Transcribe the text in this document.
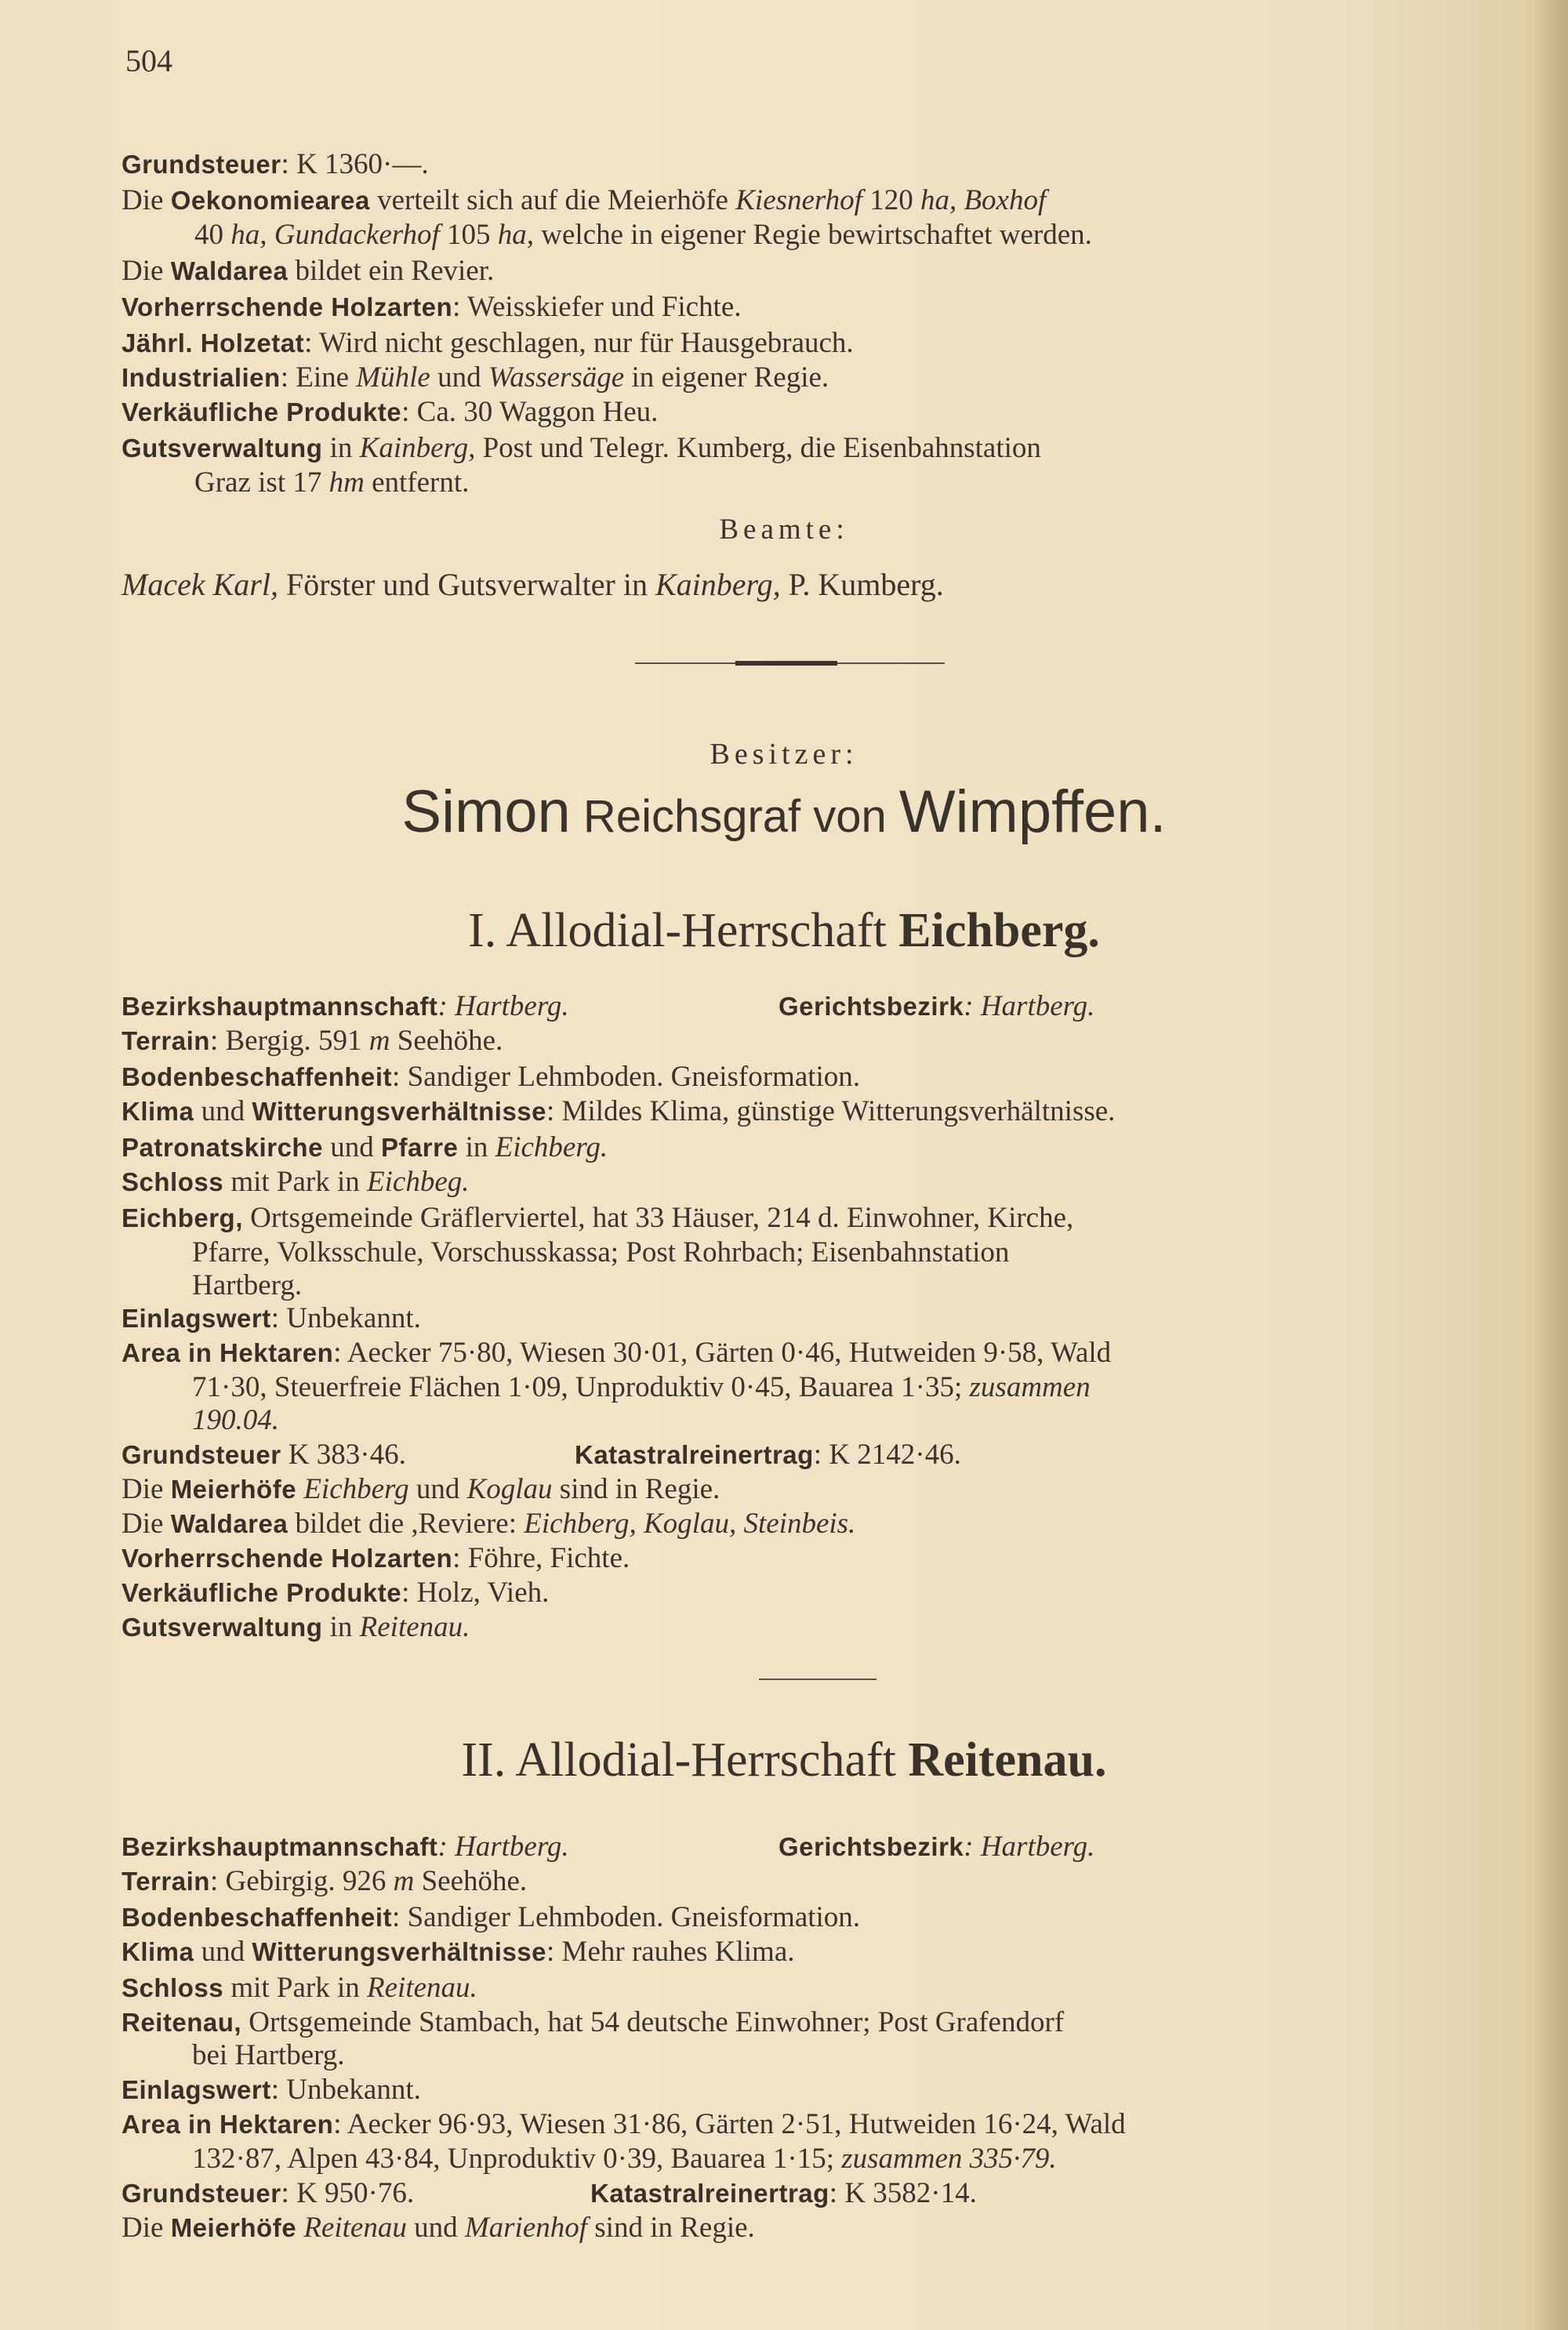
504
Grundsteuer: K 1360·—.
Die Oekonomiearea verteilt sich auf die Meierhöfe Kiesnerhof 120 ha, Boxhof
40 ha, Gundackerhof 105 ha, welche in eigener Regie bewirtschaftet werden.
Die Waldarea bildet ein Revier.
Vorherrschende Holzarten: Weisskiefer und Fichte.
Jährl. Holzetat: Wird nicht geschlagen, nur für Hausgebrauch.
Industrialien: Eine Mühle und Wassersäge in eigener Regie.
Verkäufliche Produkte: Ca. 30 Waggon Heu.
Gutsverwaltung in Kainberg, Post und Telegr. Kumberg, die Eisenbahnstation
Graz ist 17 hm entfernt.
Beamte:
Macek Karl, Förster und Gutsverwalter in Kainberg, P. Kumberg.
Besitzer:
Simon Reichsgraf von Wimpffen.
I. Allodial-Herrschaft Eichberg.
Bezirkshauptmannschaft: Hartberg.	Gerichtsbezirk: Hartberg.
Terrain: Bergig. 591 m Seehöhe.
Bodenbeschaffenheit: Sandiger Lehmboden. Gneisformation.
Klima und Witterungsverhältnisse: Mildes Klima, günstige Witterungsverhältnisse.
Patronatskirche und Pfarre in Eichberg.
Schloss mit Park in Eichbeg.
Eichberg, Ortsgemeinde Gräflerviertel, hat 33 Häuser, 214 d. Einwohner, Kirche,
Pfarre, Volksschule, Vorschusskassa; Post Rohrbach; Eisenbahnstation
Hartberg.
Einlagswert: Unbekannt.
Area in Hektaren: Aecker 75·80, Wiesen 30·01, Gärten 0·46, Hutweiden 9·58, Wald
71·30, Steuerfreie Flächen 1·09, Unproduktiv 0·45, Bauarea 1·35; zusammen
190.04.
Grundsteuer K 383·46.	Katastralreinertrag: K 2142·46.
Die Meierhöfe Eichberg und Koglau sind in Regie.
Die Waldarea bildet die ,Reviere: Eichberg, Koglau, Steinbeis.
Vorherrschende Holzarten: Föhre, Fichte.
Verkäufliche Produkte: Holz, Vieh.
Gutsverwaltung in Reitenau.
II. Allodial-Herrschaft Reitenau.
Bezirkshauptmannschaft: Hartberg.	Gerichtsbezirk: Hartberg.
Terrain: Gebirgig. 926 m Seehöhe.
Bodenbeschaffenheit: Sandiger Lehmboden. Gneisformation.
Klima und Witterungsverhältnisse: Mehr rauhes Klima.
Schloss mit Park in Reitenau.
Reitenau, Ortsgemeinde Stambach, hat 54 deutsche Einwohner; Post Grafendorf
bei Hartberg.
Einlagswert: Unbekannt.
Area in Hektaren: Aecker 96·93, Wiesen 31·86, Gärten 2·51, Hutweiden 16·24, Wald
132·87, Alpen 43·84, Unproduktiv 0·39, Bauarea 1·15; zusammen 335·79.
Grundsteuer: K 950·76.	Katastralreinertrag: K 3582·14.
Die Meierhöfe Reitenau und Marienhof sind in Regie.
